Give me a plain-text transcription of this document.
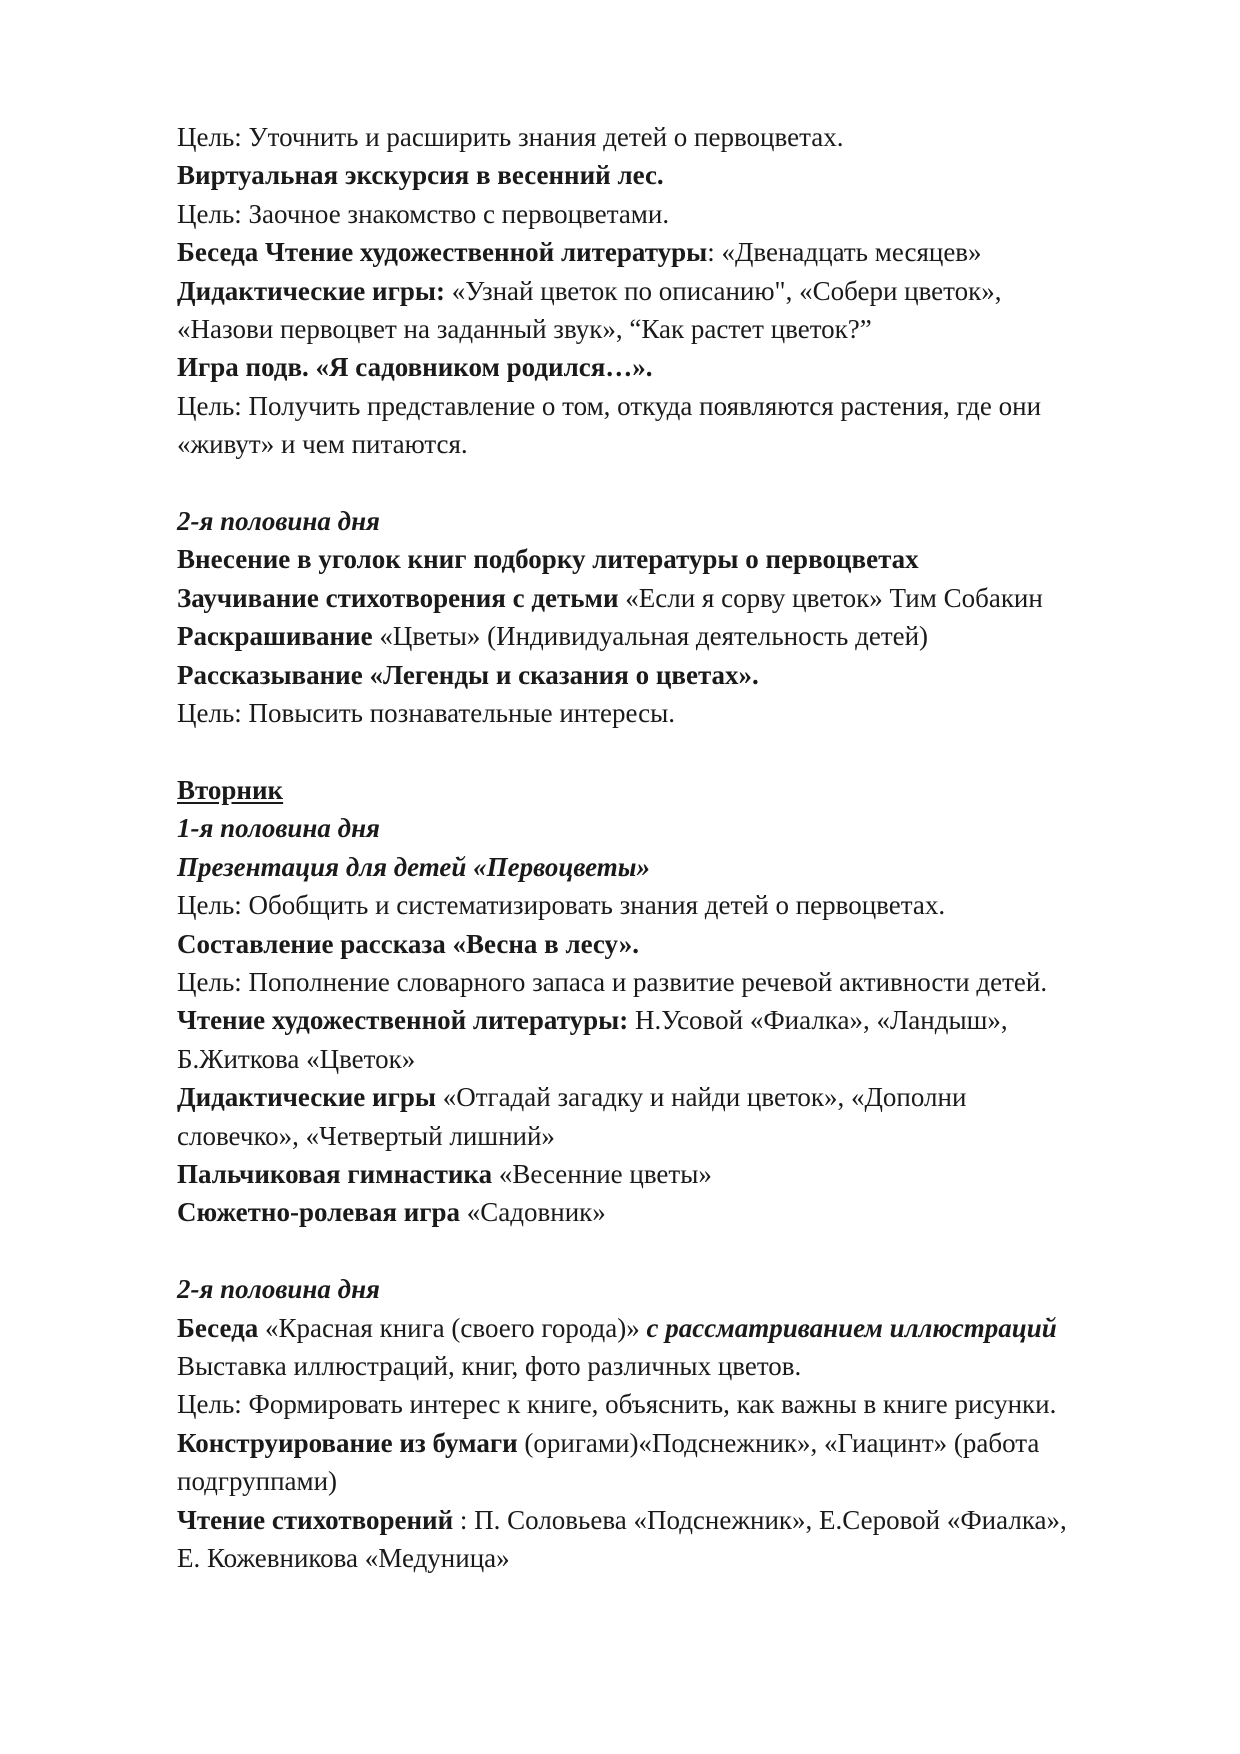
Цель: Уточнить и расширить знания детей о первоцветах.
Виртуальная экскурсия в весенний лес.
Цель: Заочное знакомство с первоцветами.
Беседа Чтение художественной литературы: «Двенадцать месяцев»
Дидактические игры: «Узнай цветок по описанию", «Собери цветок»,
«Назови первоцвет на заданный звук», “Как растет цветок?”
Игра подв. «Я садовником родился…».
Цель: Получить представление о том, откуда появляются растения, где они
«живут» и чем питаются.
2-я половина дня
Внесение в уголок книг подборку литературы о первоцветах
Заучивание стихотворения с детьми «Если я сорву цветок» Тим Собакин
Раскрашивание «Цветы» (Индивидуальная деятельность детей)
Рассказывание «Легенды и сказания о цветах».
Цель: Повысить познавательные интересы.
Вторник
1-я половина дня
Презентация для детей «Первоцветы»
Цель: Обобщить и систематизировать знания детей о первоцветах.
Составление рассказа «Весна в лесу».
Цель: Пополнение словарного запаса и развитие речевой активности детей.
Чтение художественной литературы: Н.Усовой «Фиалка», «Ландыш»,
Б.Житкова «Цветок»
Дидактические игры «Отгадай загадку и найди цветок», «Дополни
словечко», «Четвертый лишний»
Пальчиковая гимнастика «Весенние цветы»
Сюжетно-ролевая игра «Садовник»
2-я половина дня
Беседа «Красная книга (своего города)» с рассматриванием иллюстраций
Выставка иллюстраций, книг, фото различных цветов.
Цель: Формировать интерес к книге, объяснить, как важны в книге рисунки.
Конструирование из бумаги (оригами)«Подснежник», «Гиацинт» (работа
подгруппами)
Чтение стихотворений : П. Соловьева «Подснежник», Е.Серовой «Фиалка»,
Е. Кожевникова «Медуница»
